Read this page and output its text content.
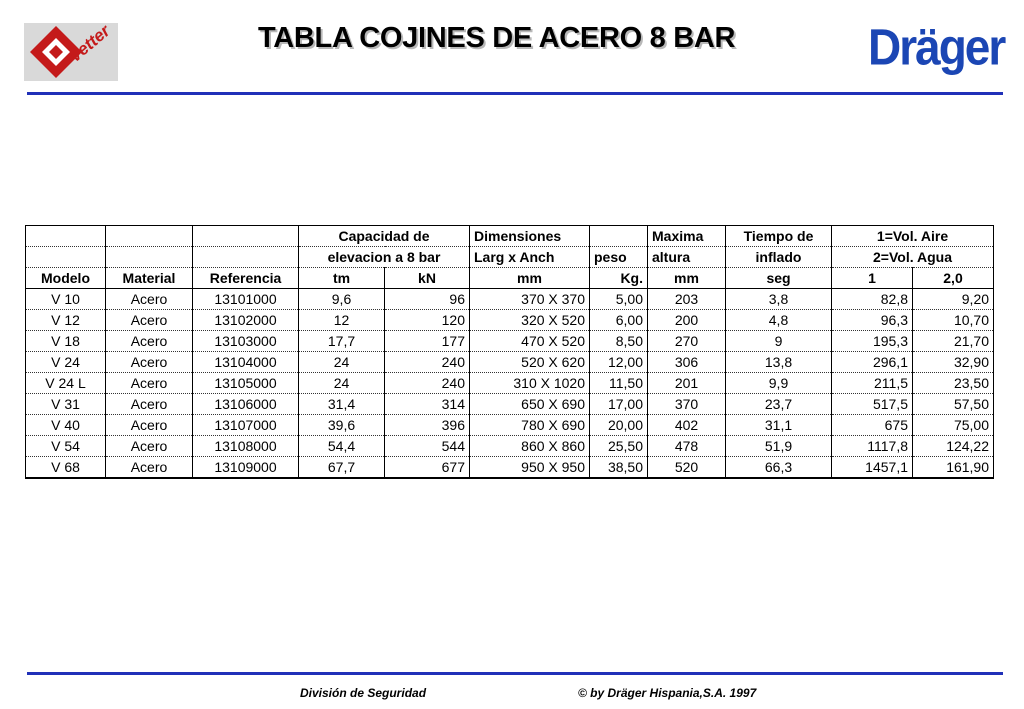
vetter	TABLA COJINES DE ACERO 8 BAR	Dräger
			Capacidad de		Dimensiones		Maxima	Tiempo de	1=Vol. Aire	
			elevacion a 8 bar		Larg x Anch	peso	altura	inflado	2=Vol. Agua	
Modelo	Material	Referencia	tm	kN	mm	Kg.	mm	seg	1	2,0
V 10	Acero	13101000	9,6	96	370 X 370	5,00	203	3,8	82,8	9,20
V 12	Acero	13102000	12	120	320 X 520	6,00	200	4,8	96,3	10,70
V 18	Acero	13103000	17,7	177	470 X 520	8,50	270	9	195,3	21,70
V 24	Acero	13104000	24	240	520 X 620	12,00	306	13,8	296,1	32,90
V 24 L	Acero	13105000	24	240	310 X 1020	11,50	201	9,9	211,5	23,50
V 31	Acero	13106000	31,4	314	650 X 690	17,00	370	23,7	517,5	57,50
V 40	Acero	13107000	39,6	396	780 X 690	20,00	402	31,1	675	75,00
V 54	Acero	13108000	54,4	544	860 X 860	25,50	478	51,9	1117,8	124,22
V 68	Acero	13109000	67,7	677	950 X 950	38,50	520	66,3	1457,1	161,90
División de Seguridad	© by Dräger Hispania,S.A. 1997
